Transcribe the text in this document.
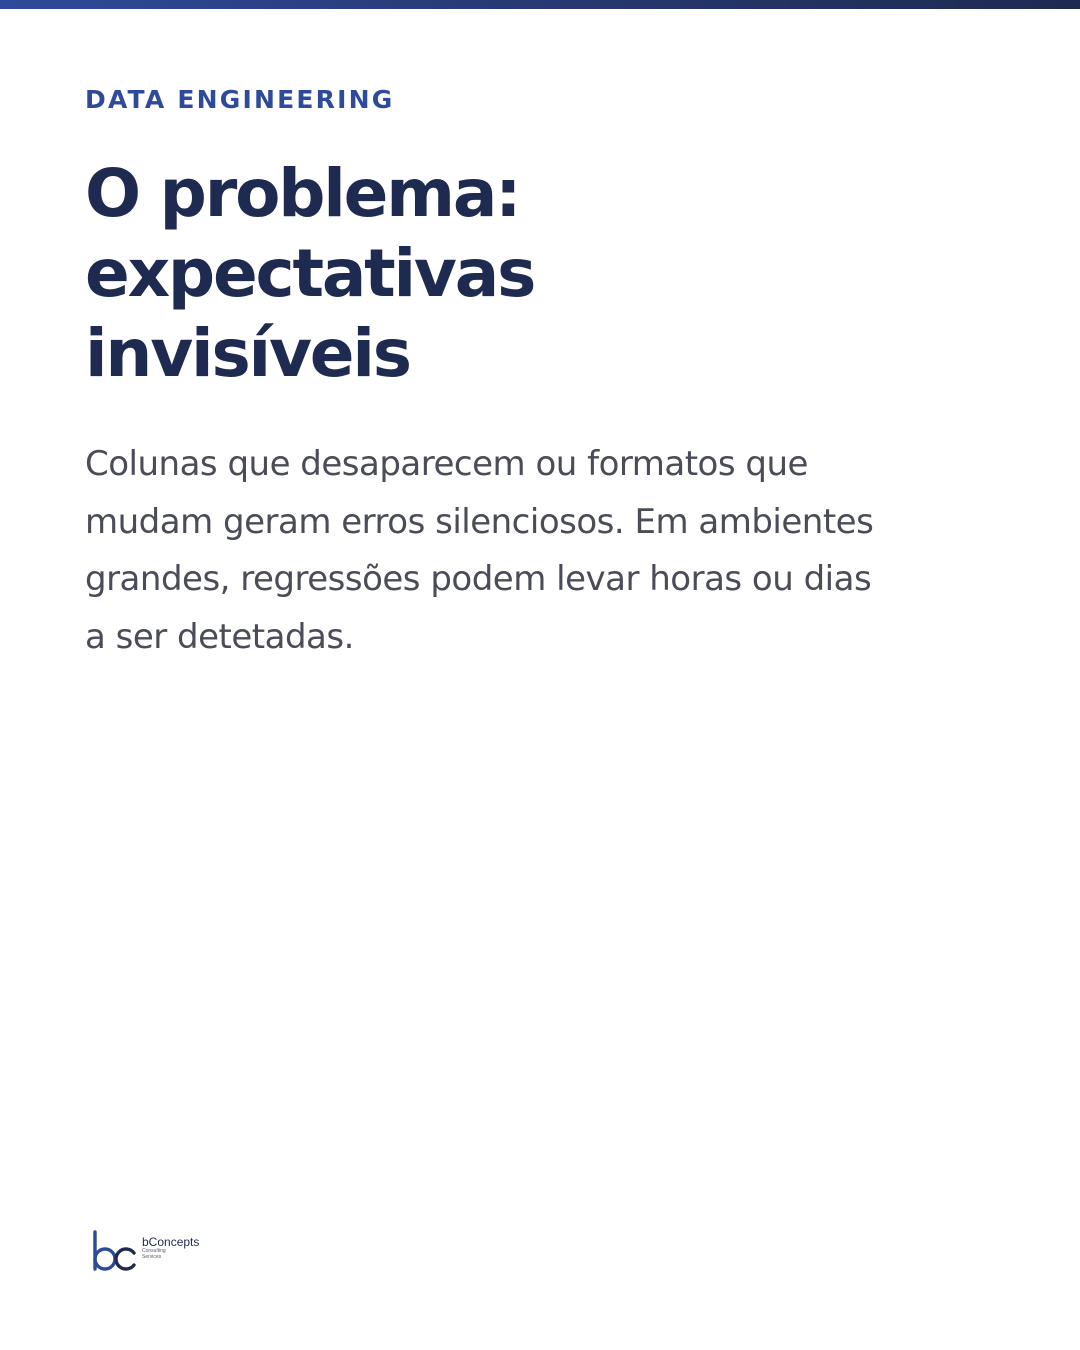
DATA ENGINEERING

O problema:
expectativas
invisíveis

Colunas que desaparecem ou formatos que
mudam geram erros silenciosos. Em ambientes
grandes, regressões podem levar horas ou dias
a ser detetadas.

bConcepts
Consulting
Services
